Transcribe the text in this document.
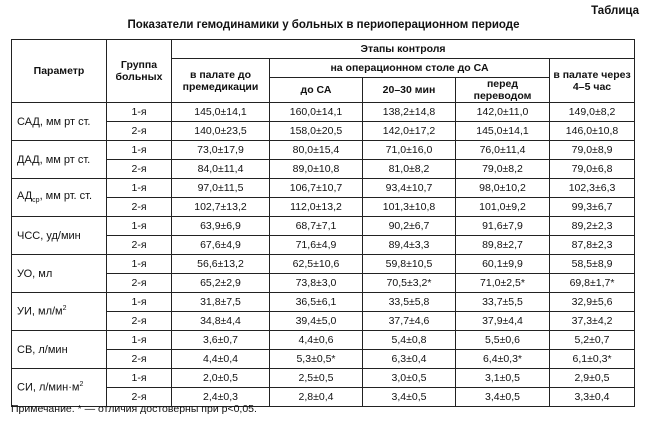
Таблица
Показатели гемодинамики у больных в периоперационном периоде
Параметр	Группа больных	Этапы контроля				
		в палате до премедикации	на операционном столе до СА			в палате через 4–5 час
			до СА	20–30 мин	перед переводом	
САД, мм рт ст.	1-я	145,0±14,1	160,0±14,1	138,2±14,8	142,0±11,0	149,0±8,2
	2-я	140,0±23,5	158,0±20,5	142,0±17,2	145,0±14,1	146,0±10,8
ДАД, мм рт ст.	1-я	73,0±17,9	80,0±15,4	71,0±16,0	76,0±11,4	79,0±8,9
	2-я	84,0±11,4	89,0±10,8	81,0±8,2	79,0±8,2	79,0±6,8
$АД_{ср}$, мм рт. ст.	1-я	97,0±11,5	106,7±10,7	93,4±10,7	98,0±10,2	102,3±6,3
	2-я	102,7±13,2	112,0±13,2	101,3±10,8	101,0±9,2	99,3±6,7
ЧСС, уд/мин	1-я	63,9±6,9	68,7±7,1	90,2±6,7	91,6±7,9	89,2±2,3
	2-я	67,6±4,9	71,6±4,9	89,4±3,3	89,8±2,7	87,8±2,3
УО, мл	1-я	56,6±13,2	62,5±10,6	59,8±10,5	60,1±9,9	58,5±8,9
	2-я	65,2±2,9	73,8±3,0	70,5±3,2*	71,0±2,5*	69,8±1,7*
УИ, $мл/м^2$	1-я	31,8±7,5	36,5±6,1	33,5±5,8	33,7±5,5	32,9±5,6
	2-я	34,8±4,4	39,4±5,0	37,7±4,6	37,9±4,4	37,3±4,2
СВ, л/мин	1-я	3,6±0,7	4,4±0,6	5,4±0,8	5,5±0,6	5,2±0,7
	2-я	4,4±0,4	5,3±0,5*	6,3±0,4	6,4±0,3*	6,1±0,3*
СИ, $л/мин\cdot м^2$	1-я	2,0±0,5	2,5±0,5	3,0±0,5	3,1±0,5	2,9±0,5
	2-я	2,4±0,3	2,8±0,4	3,4±0,5	3,4±0,5	3,3±0,4
Примечание. * — отличия достоверны при р<0,05.
